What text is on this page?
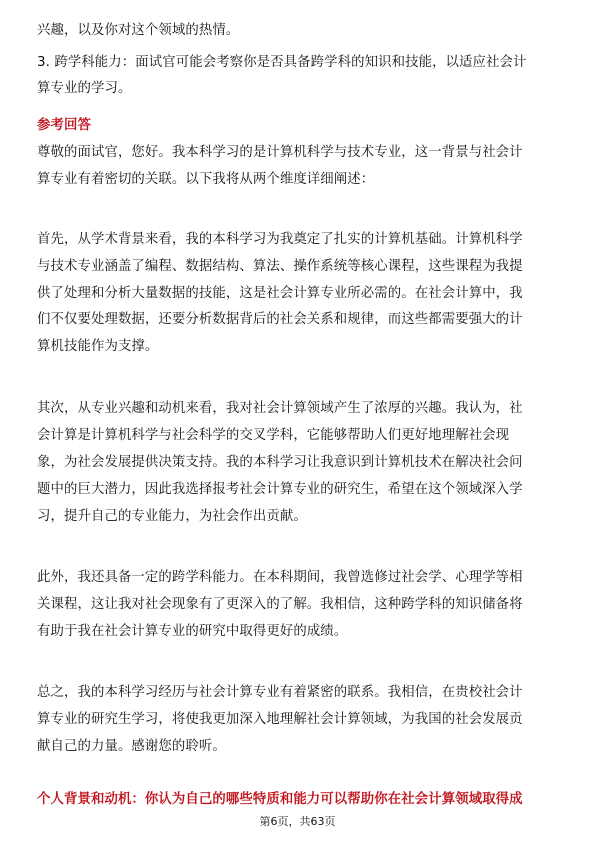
兴趣，以及你对这个领域的热情。
3. 跨学科能力：面试官可能会考察你是否具备跨学科的知识和技能，以适应社会计
算专业的学习。
参考回答
尊敬的面试官，您好。我本科学习的是计算机科学与技术专业，这一背景与社会计
算专业有着密切的关联。以下我将从两个维度详细阐述：
首先，从学术背景来看，我的本科学习为我奠定了扎实的计算机基础。计算机科学
与技术专业涵盖了编程、数据结构、算法、操作系统等核心课程，这些课程为我提
供了处理和分析大量数据的技能，这是社会计算专业所必需的。在社会计算中，我
们不仅要处理数据，还要分析数据背后的社会关系和规律，而这些都需要强大的计
算机技能作为支撑。
其次，从专业兴趣和动机来看，我对社会计算领域产生了浓厚的兴趣。我认为，社
会计算是计算机科学与社会科学的交叉学科，它能够帮助人们更好地理解社会现
象，为社会发展提供决策支持。我的本科学习让我意识到计算机技术在解决社会问
题中的巨大潜力，因此我选择报考社会计算专业的研究生，希望在这个领域深入学
习，提升自己的专业能力，为社会作出贡献。
此外，我还具备一定的跨学科能力。在本科期间，我曾选修过社会学、心理学等相
关课程，这让我对社会现象有了更深入的了解。我相信，这种跨学科的知识储备将
有助于我在社会计算专业的研究中取得更好的成绩。
总之，我的本科学习经历与社会计算专业有着紧密的联系。我相信，在贵校社会计
算专业的研究生学习，将使我更加深入地理解社会计算领域，为我国的社会发展贡
献自己的力量。感谢您的聆听。
个人背景和动机：你认为自己的哪些特质和能力可以帮助你在社会计算领域取得成
第6页，共63页
